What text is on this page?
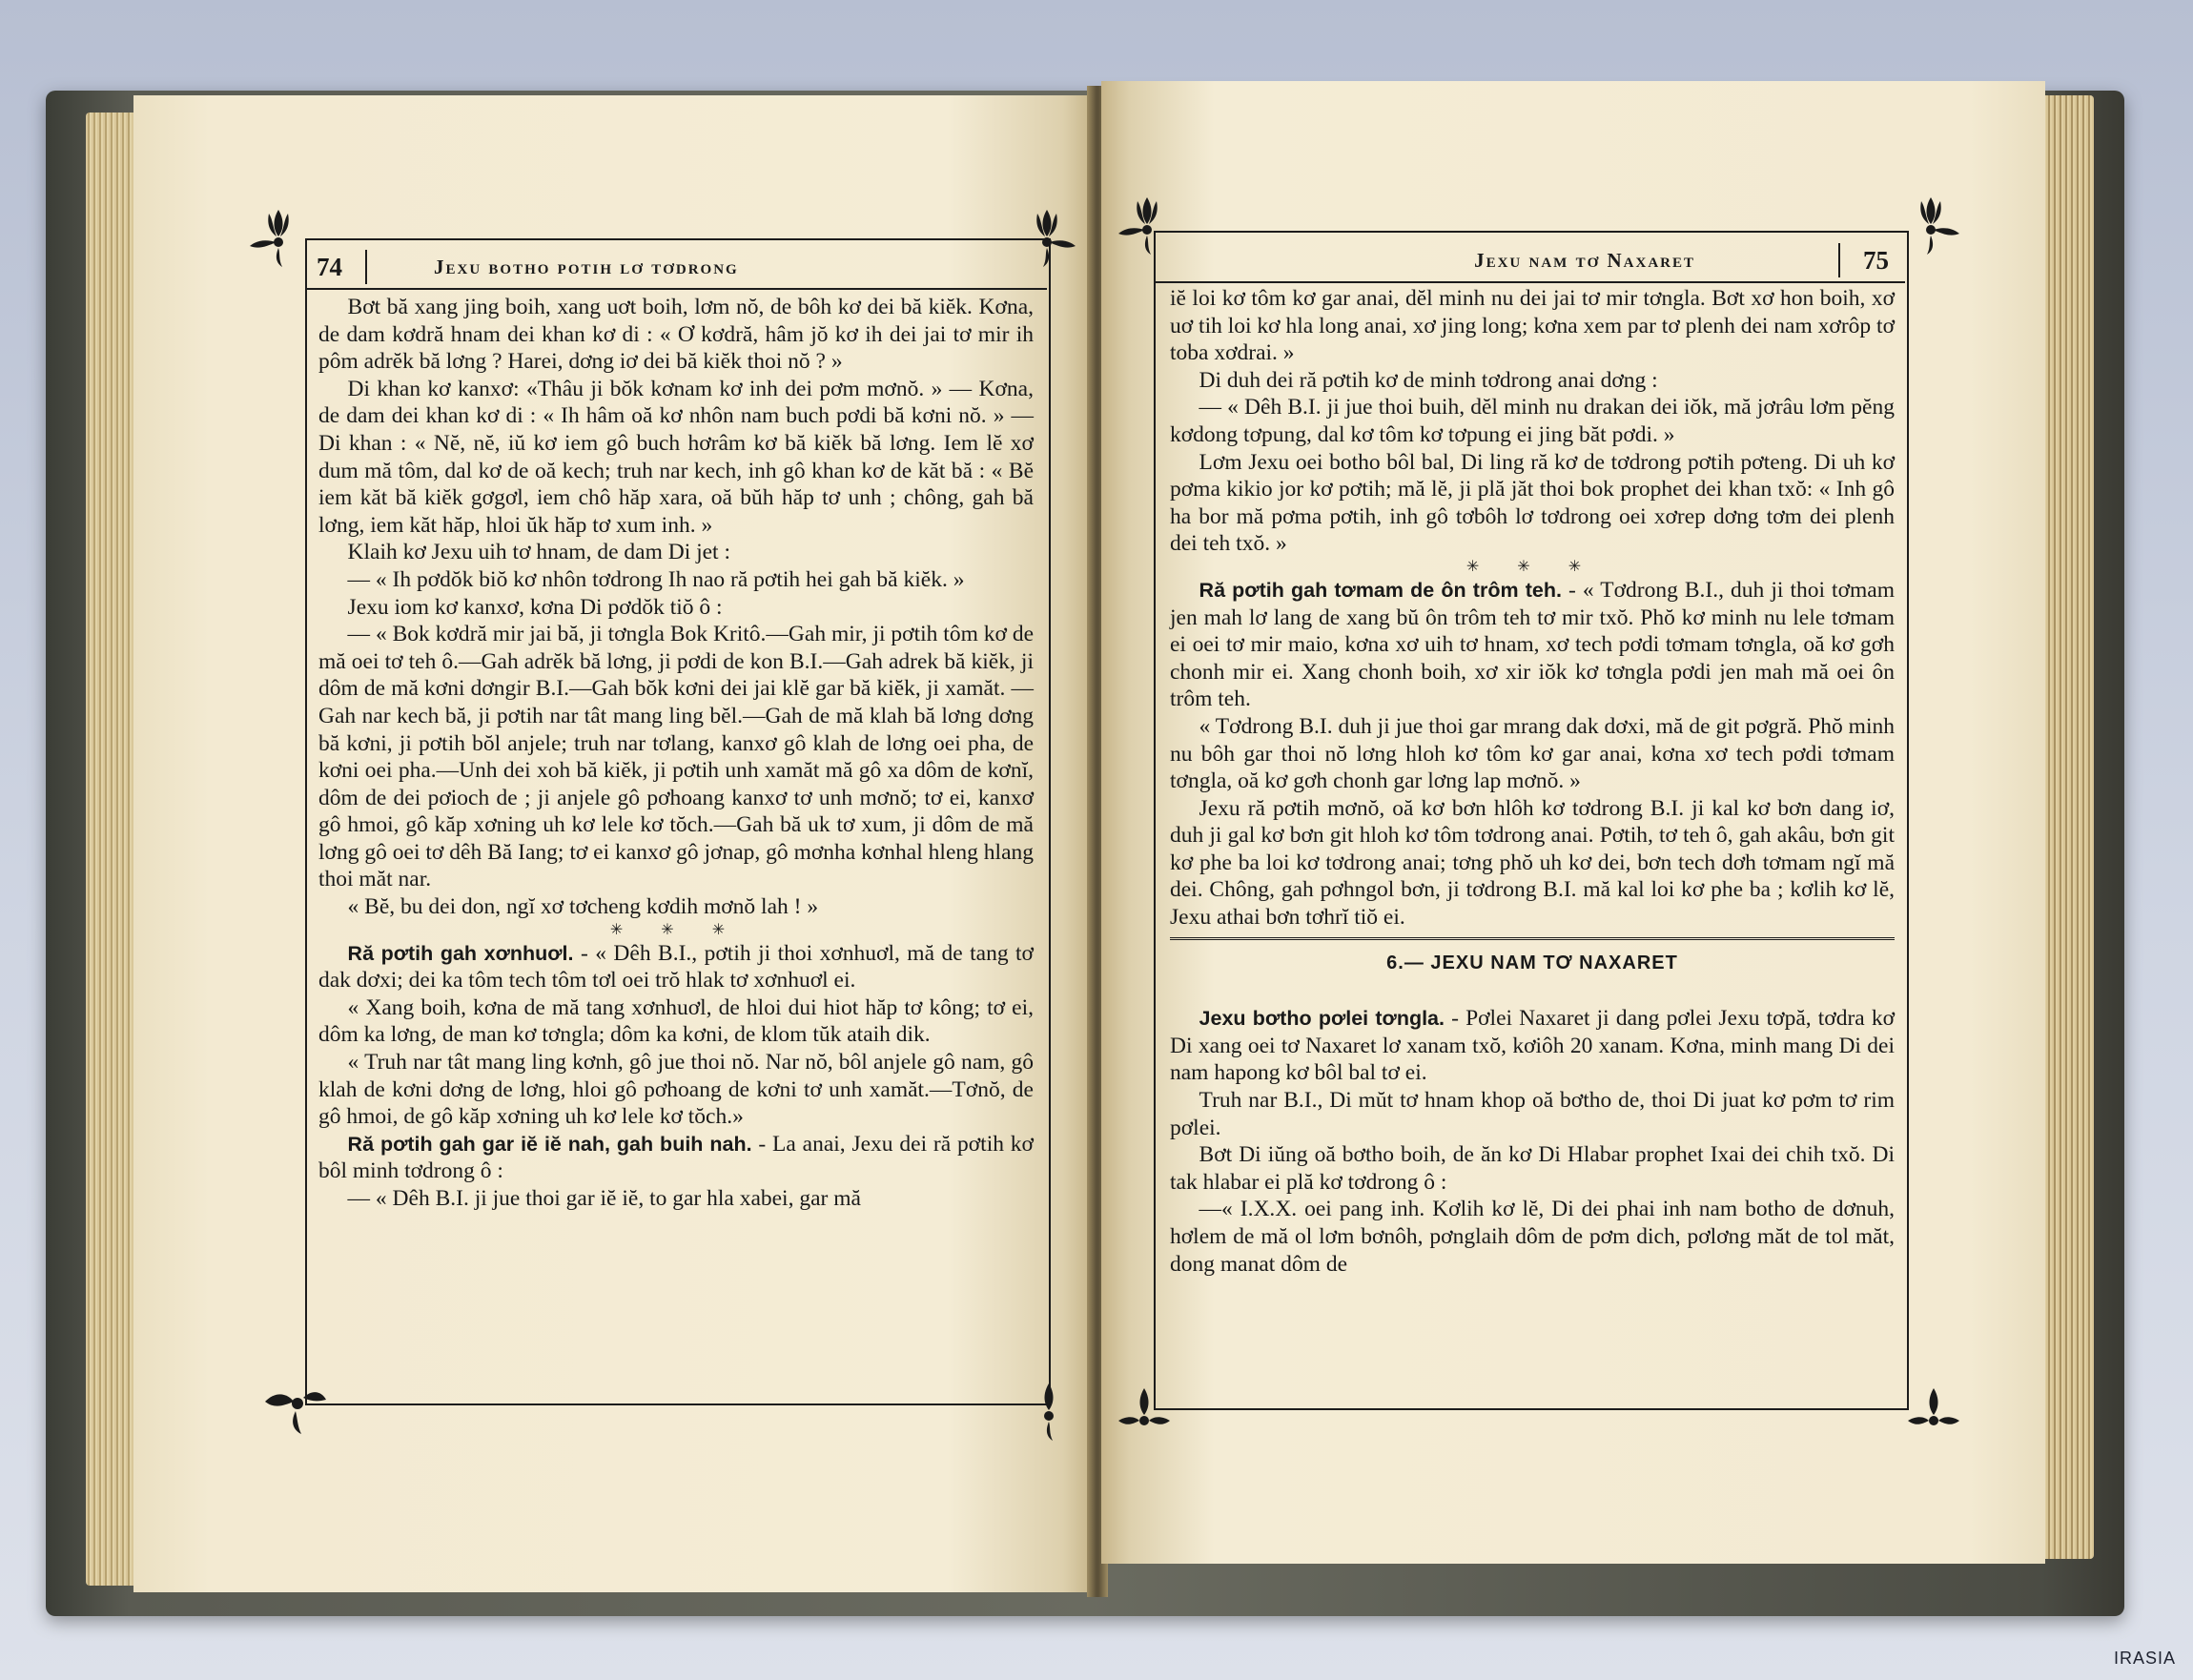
74	Jexu botho potih lơ tơdrong

Bơt bă xang jing boih, xang uơt boih, lơm nŏ, de bôh kơ dei bă kiĕk. Kơna, de dam kơdră hnam dei khan kơ di : « Ơ kơdră, hâm jŏ kơ ih dei jai tơ mir ih pôm adrĕk bă lơng ? Harei, dơng iơ dei bă kiĕk thoi nŏ ? »

Di khan kơ kanxơ: «Thâu ji bŏk kơnam kơ inh dei pơm mơnŏ. » — Kơna, de dam dei khan kơ di : « Ih hâm oă kơ nhôn nam buch pơdi bă kơni nŏ. » — Di khan : « Nĕ, nĕ, iŭ kơ iem gô buch hơrâm kơ bă kiĕk bă lơng. Iem lĕ xơ dum mă tôm, dal kơ de oă kech; truh nar kech, inh gô khan kơ de kăt bă : « Bĕ iem kăt bă kiĕk gơgơl, iem chô hăp xara, oă bŭh hăp tơ unh ; chông, gah bă lơng, iem kăt hăp, hloi ŭk hăp tơ xum inh. »

Klaih kơ Jexu uih tơ hnam, de dam Di jet :

— « Ih pơdŏk biŏ kơ nhôn tơdrong Ih nao ră pơtih hei gah bă kiĕk. »

Jexu iom kơ kanxơ, kơna Di pơdŏk tiŏ ô :

— « Bok kơdră mir jai bă, ji tơngla Bok Kritô.—Gah mir, ji pơtih tôm kơ de mă oei tơ teh ô.—Gah adrĕk bă lơng, ji pơdi de kon B.I.—Gah adrek bă kiĕk, ji dôm de mă kơni dơngir B.I.—Gah bŏk kơni dei jai klĕ gar bă kiĕk, ji xamăt. —Gah nar kech bă, ji pơtih nar tât mang ling bĕl.—Gah de mă klah bă lơng dơng bă kơni, ji pơtih bŏl anjele; truh nar tơlang, kanxơ gô klah de lơng oei pha, de kơni oei pha.—Unh dei xoh bă kiĕk, ji pơtih unh xamăt mă gô xa dôm de kơnĭ, dôm de dei pơioch de ; ji anjele gô pơhoang kanxơ tơ unh mơnŏ; tơ ei, kanxơ gô hmoi, gô kăp xơning uh kơ lele kơ tŏch.—Gah bă uk tơ xum, ji dôm de mă lơng gô oei tơ dêh Bă Iang; tơ ei kanxơ gô jơnap, gô mơnha kơnhal hleng hlang thoi măt nar.

« Bĕ, bu dei don, ngĭ xơ tơcheng kơdih mơnŏ lah ! »

✳ ✳ ✳

Ră pơtih gah xơnhuơl. - « Dêh B.I., pơtih ji thoi xơnhuơl, mă de tang tơ dak dơxi; dei ka tôm tech tôm tơl oei trŏ hlak tơ xơnhuơl ei.

« Xang boih, kơna de mă tang xơnhuơl, de hloi dui hiot hăp tơ kông; tơ ei, dôm ka lơng, de man kơ tơngla; dôm ka kơni, de klom tŭk ataih dik.

« Truh nar tât mang ling kơnh, gô jue thoi nŏ. Nar nŏ, bôl anjele gô nam, gô klah de kơni dơng de lơng, hloi gô pơhoang de kơni tơ unh xamăt.—Tơnŏ, de gô hmoi, de gô kăp xơning uh kơ lele kơ tŏch.»

Ră pơtih gah gar iĕ iĕ nah, gah buih nah. - La anai, Jexu dei ră pơtih kơ bôl minh tơdrong ô :

— « Dêh B.I. ji jue thoi gar iĕ iĕ, to gar hla xabei, gar mă

Jexu nam tơ Naxaret	75

iĕ loi kơ tôm kơ gar anai, dĕl minh nu dei jai tơ mir tơngla. Bơt xơ hon boih, xơ uơ tih loi kơ hla long anai, xơ jing long; kơna xem par tơ plenh dei nam xơrôp tơ toba xơdrai. »

Di duh dei ră pơtih kơ de minh tơdrong anai dơng :

— « Dêh B.I. ji jue thoi buih, dĕl minh nu drakan dei iŏk, mă jơrâu lơm pĕng kơdong tơpung, dal kơ tôm kơ tơpung ei jing băt pơdi. »

Lơm Jexu oei botho bôl bal, Di ling ră kơ de tơdrong pơtih pơteng. Di uh kơ pơma kikio jor kơ pơtih; mă lĕ, ji plă jăt thoi bok prophet dei khan txŏ: « Inh gô ha bor mă pơma pơtih, inh gô tơbôh lơ tơdrong oei xơrep dơng tơm dei plenh dei teh txŏ. »

✳ ✳ ✳

Ră pơtih gah tơmam de ôn trôm teh. - « Tơdrong B.I., duh ji thoi tơmam jen mah lơ lang de xang bŭ ôn trôm teh tơ mir txŏ. Phŏ kơ minh nu lele tơmam ei oei tơ mir maio, kơna xơ uih tơ hnam, xơ tech pơdi tơmam tơngla, oă kơ gơh chonh mir ei. Xang chonh boih, xơ xir iŏk kơ tơngla pơdi jen mah mă oei ôn trôm teh.

« Tơdrong B.I. duh ji jue thoi gar mrang dak dơxi, mă de git pơgră. Phŏ minh nu bôh gar thoi nŏ lơng hloh kơ tôm kơ gar anai, kơna xơ tech pơdi tơmam tơngla, oă kơ gơh chonh gar lơng lap mơnŏ. »

Jexu ră pơtih mơnŏ, oă kơ bơn hlôh kơ tơdrong B.I. ji kal kơ bơn dang iơ, duh ji gal kơ bơn git hloh kơ tôm tơdrong anai. Pơtih, tơ teh ô, gah akâu, bơn git kơ phe ba loi kơ tơdrong anai; tơng phŏ uh kơ dei, bơn tech dơh tơmam ngĭ mă dei. Chông, gah pơhngol bơn, ji tơdrong B.I. mă kal loi kơ phe ba ; kơlih kơ lĕ, Jexu athai bơn tơhrĭ tiŏ ei.

6.— JEXU NAM TƠ NAXARET

Jexu bơtho pơlei tơngla. - Pơlei Naxaret ji dang pơlei Jexu tơpă, tơdra kơ Di xang oei tơ Naxaret lơ xanam txŏ, kơiôh 20 xanam. Kơna, minh mang Di dei nam hapong kơ bôl bal tơ ei.

Truh nar B.I., Di mŭt tơ hnam khop oă bơtho de, thoi Di juat kơ pơm tơ rim pơlei.

Bơt Di iŭng oă bơtho boih, de ăn kơ Di Hlabar prophet Ixai dei chih txŏ. Di tak hlabar ei plă kơ tơdrong ô :

—« I.X.X. oei pang inh. Kơlih kơ lĕ, Di dei phai inh nam botho de dơnuh, hơlem de mă ol lơm bơnôh, pơnglaih dôm de pơm dich, pơlơng măt de tol măt, dong manat dôm de

IRASIA
